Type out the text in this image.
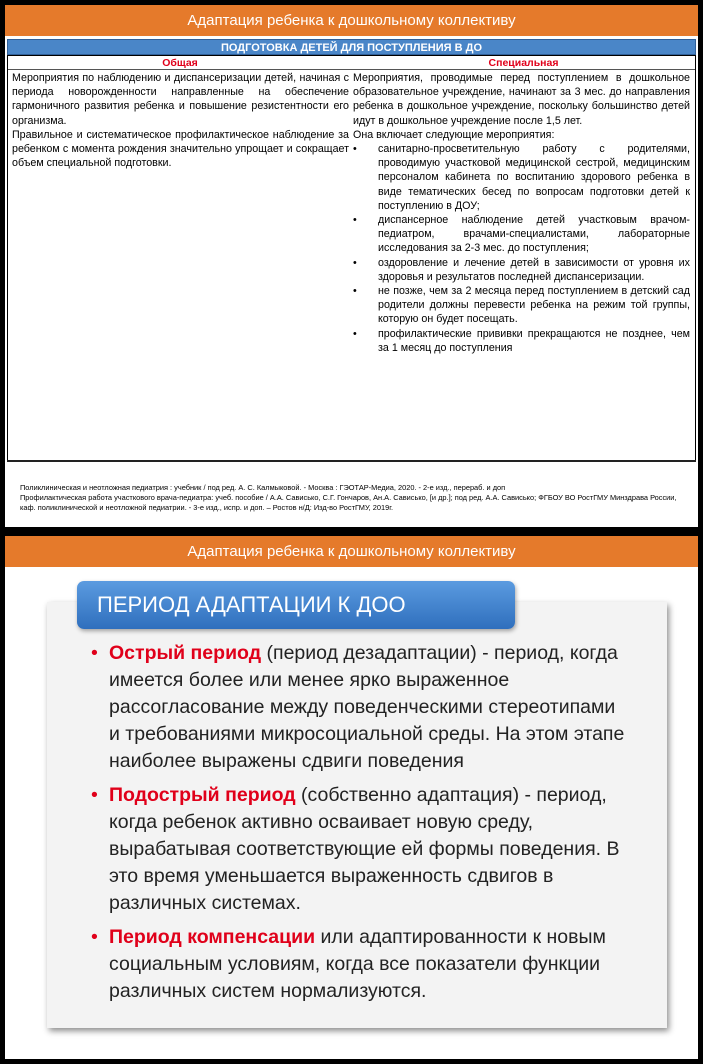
Адаптация ребенка к дошкольному коллективу
ПОДГОТОВКА ДЕТЕЙ ДЛЯ ПОСТУПЛЕНИЯ В ДО
Общая	Специальная

Мероприятия по наблюдению и диспансеризации детей, начиная с периода новорожденности направленные на обеспечение гармоничного развития ребенка и повышение резистентности его организма.

Правильное и систематическое профилактическое наблюдение за ребенком с момента рождения значительно упрощает и сокращает объем специальной подготовки.

Мероприятия, проводимые перед поступлением в дошкольное образовательное учреждение, начинают за 3 мес. до направления ребенка в дошкольное учреждение, поскольку большинство детей идут в дошкольное учреждение после 1,5 лет.

Она включает следующие мероприятия:

• санитарно-просветительную работу с родителями, проводимую участковой медицинской сестрой, медицинским персоналом кабинета по воспитанию здорового ребенка в виде тематических бесед по вопросам подготовки детей к поступлению в ДОУ;
• диспансерное наблюдение детей участковым врачом-педиатром, врачами-специалистами, лабораторные исследования за 2-3 мес. до поступления;
• оздоровление и лечение детей в зависимости от уровня их здоровья и результатов последней диспансеризации.
• не позже, чем за 2 месяца перед поступлением в детский сад родители должны перевести ребенка на режим той группы, которую он будет посещать.
• профилактические прививки прекращаются не позднее, чем за 1 месяц до поступления

Поликлиническая и неотложная педиатрия : учебник / под ред. А. С. Калмыковой. - Москва : ГЭОТАР-Медиа, 2020. - 2-е изд., перераб. и доп

Профилактическая работа участкового врача-педиатра: учеб. пособие / А.А. Сависько, С.Г. Гончаров, Ан.А. Сависько, [и др.]; под ред. А.А. Сависько; ФГБОУ ВО РостГМУ Минздрава России, каф. поликлинической и неотложной педиатрии. - 3-е изд., испр. и доп. – Ростов н/Д: Изд-во РостГМУ, 2019г.

Адаптация ребенка к дошкольному коллективу
ПЕРИОД АДАПТАЦИИ К ДОО
• Острый период (период дезадаптации) - период, когда имеется более или менее ярко выраженное рассогласование между поведенческими стереотипами и требованиями микросоциальной среды. На этом этапе наиболее выражены сдвиги поведения
• Подострый период (собственно адаптация) - период, когда ребенок активно осваивает новую среду, вырабатывая соответствующие ей формы поведения. В это время уменьшается выраженность сдвигов в различных системах.
• Период компенсации или адаптированности к новым социальным условиям, когда все показатели функции различных систем нормализуются.
